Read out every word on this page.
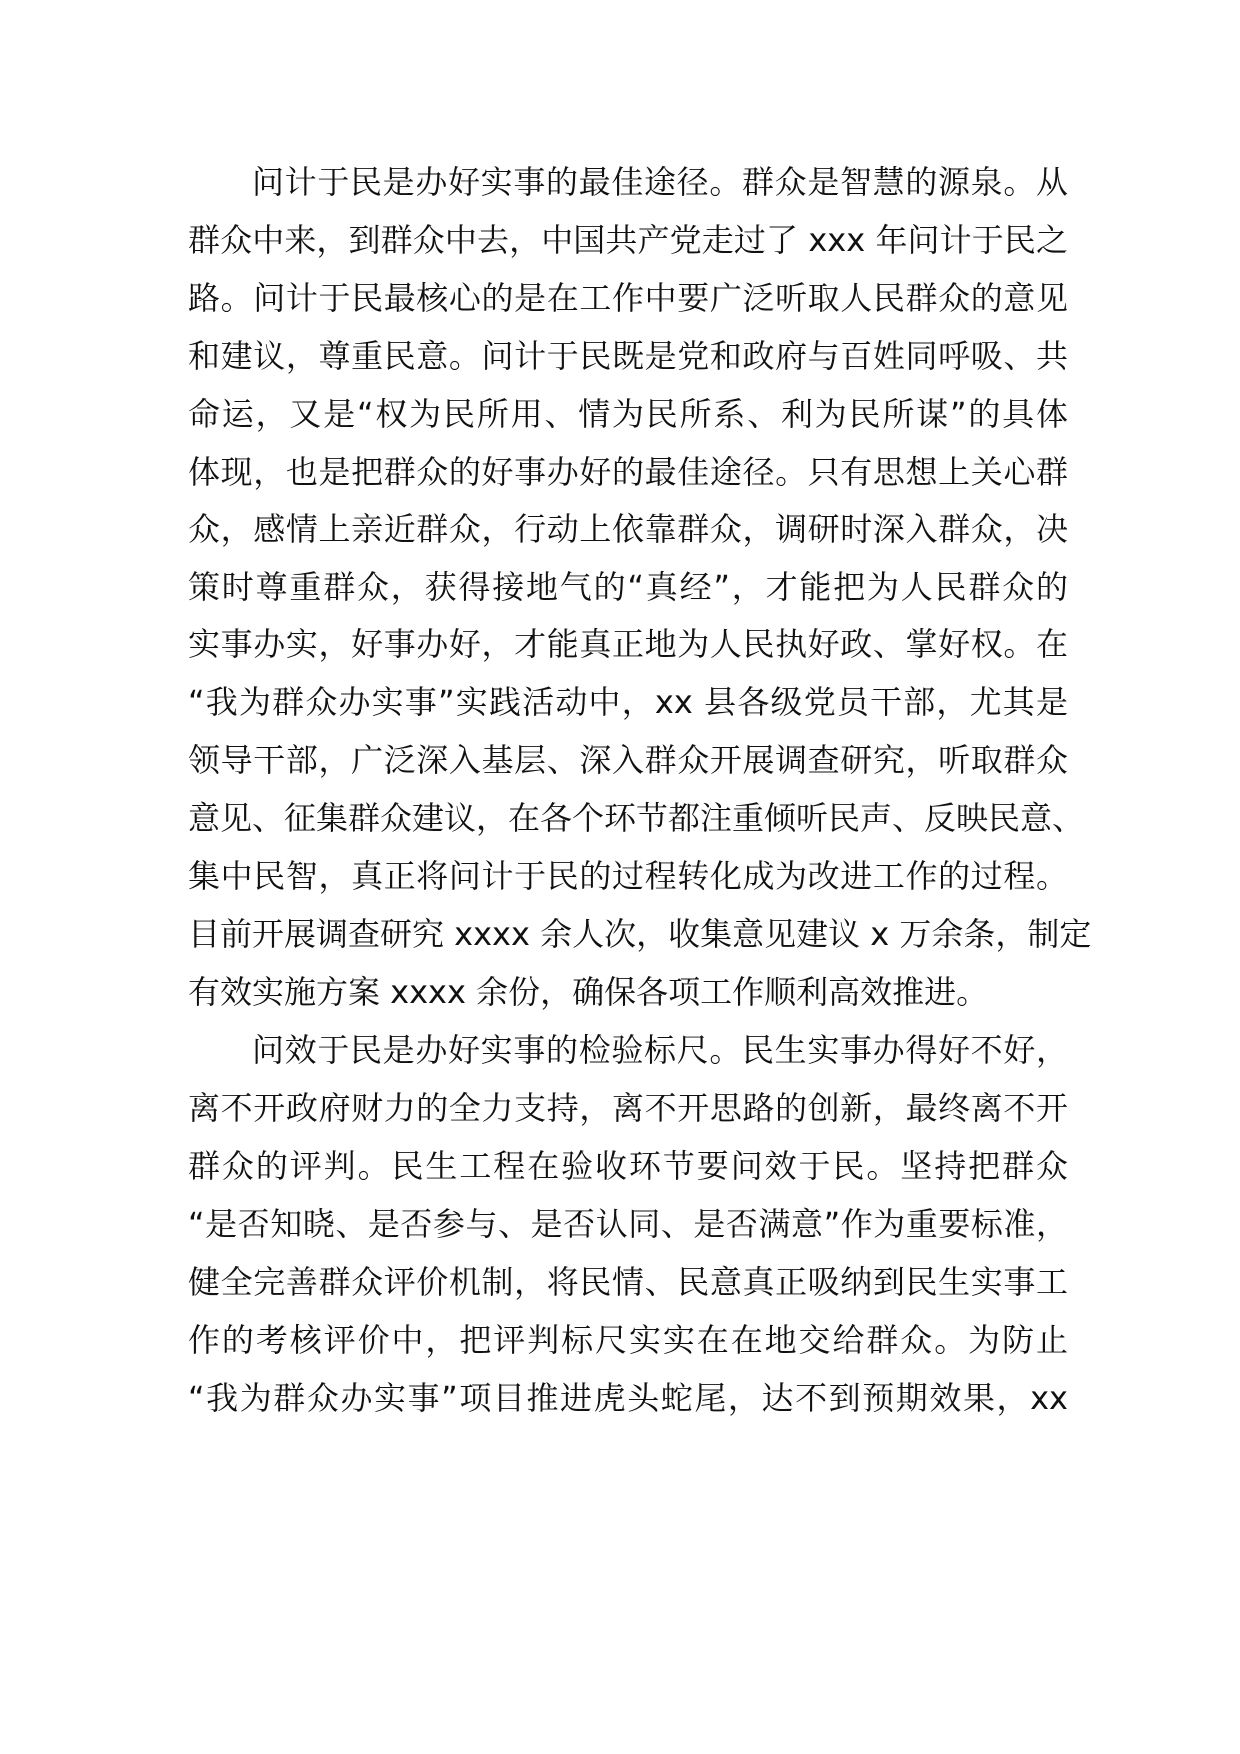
问计于民是办好实事的最佳途径。群众是智慧的源泉。从
群众中来，到群众中去，中国共产党走过了 xxx 年问计于民之
路。问计于民最核心的是在工作中要广泛听取人民群众的意见
和建议，尊重民意。问计于民既是党和政府与百姓同呼吸、共
命运，又是“权为民所用、情为民所系、利为民所谋”的具体
体现，也是把群众的好事办好的最佳途径。只有思想上关心群
众，感情上亲近群众，行动上依靠群众，调研时深入群众，决
策时尊重群众，获得接地气的“真经”，才能把为人民群众的
实事办实，好事办好，才能真正地为人民执好政、掌好权。在
“我为群众办实事”实践活动中，xx 县各级党员干部，尤其是
领导干部，广泛深入基层、深入群众开展调查研究，听取群众
意见、征集群众建议，在各个环节都注重倾听民声、反映民意、
集中民智，真正将问计于民的过程转化成为改进工作的过程。
目前开展调查研究 xxxx 余人次，收集意见建议 x 万余条，制定
有效实施方案 xxxx 余份，确保各项工作顺利高效推进。
问效于民是办好实事的检验标尺。民生实事办得好不好，
离不开政府财力的全力支持，离不开思路的创新，最终离不开
群众的评判。民生工程在验收环节要问效于民。坚持把群众
“是否知晓、是否参与、是否认同、是否满意”作为重要标准，
健全完善群众评价机制，将民情、民意真正吸纳到民生实事工
作的考核评价中，把评判标尺实实在在地交给群众。为防止
“我为群众办实事”项目推进虎头蛇尾，达不到预期效果，xx
